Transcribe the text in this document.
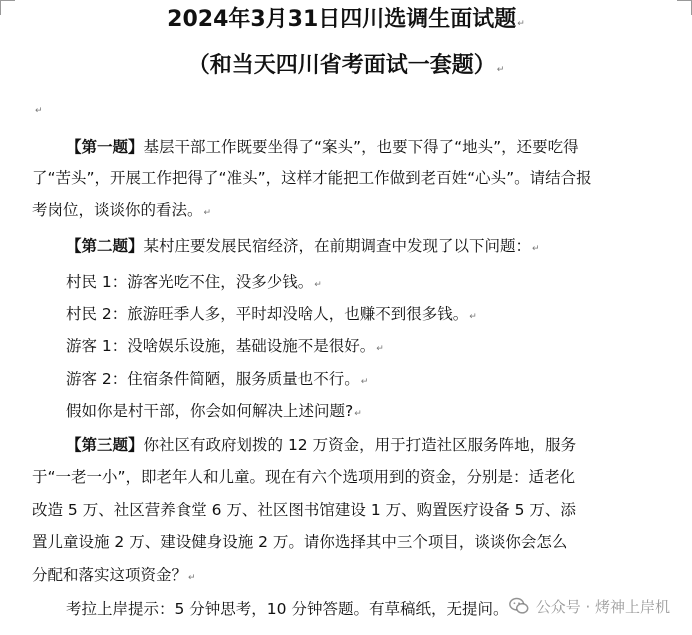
2024年3月31日四川选调生面试题↵
（和当天四川省考面试一套题）↵
↵
【第一题】基层干部工作既要坐得了“案头”，也要下得了“地头”，还要吃得
了“苦头”，开展工作把得了“准头”，这样才能把工作做到老百姓“心头”。请结合报
考岗位，谈谈你的看法。↵
【第二题】某村庄要发展民宿经济，在前期调查中发现了以下问题：↵
村民 1：游客光吃不住，没多少钱。↵
村民 2：旅游旺季人多，平时却没啥人，也赚不到很多钱。↵
游客 1：没啥娱乐设施，基础设施不是很好。↵
游客 2：住宿条件简陋，服务质量也不行。↵
假如你是村干部，你会如何解决上述问题?↵
【第三题】你社区有政府划拨的 12 万资金，用于打造社区服务阵地，服务
于“一老一小”，即老年人和儿童。现在有六个选项用到的资金，分别是：适老化
改造 5 万、社区营养食堂 6 万、社区图书馆建设 1 万、购置医疗设备 5 万、添
置儿童设施 2 万、建设健身设施 2 万。请你选择其中三个项目，谈谈你会怎么
分配和落实这项资金？↵
考拉上岸提示：5 分钟思考，10 分钟答题。有草稿纸，无提问。	公众号 · 烤神上岸机
